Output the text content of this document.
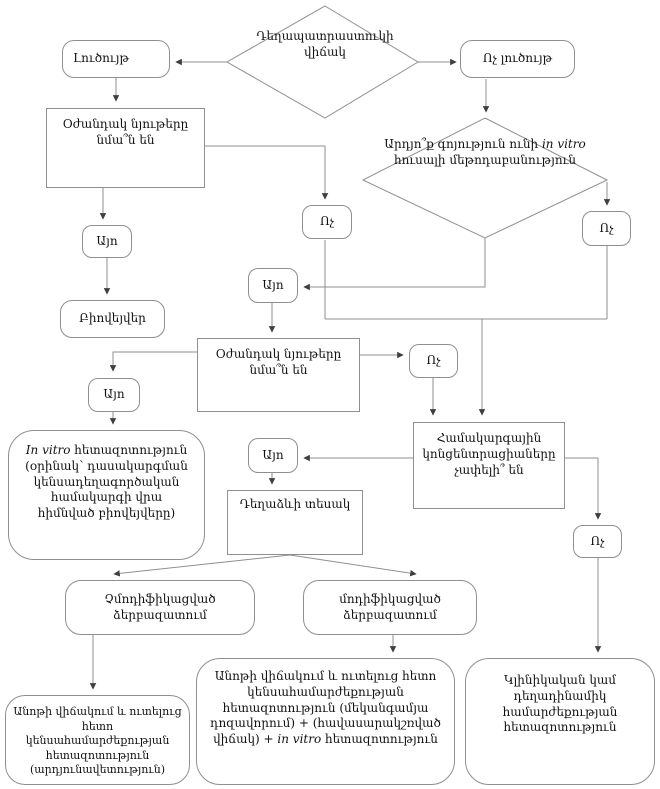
Դեղապատրաստուկի վիճակ
Արդյո՞ք գոյություն ունի in vitro հուսալի մեթոդաբանություն
Լուծույթ	Ոչ լուծույթ
Օժանդակ նյութերը նմա՞ն են
Այո
Բիովեյվեր
Ոչ	Ոչ
Այո
Օժանդակ նյութերը նմա՞ն են
Ոչ
Այո
In vitro հետազոտություն (օրինակ՝ դասակարգման կենսադեղագործական համակարգի վրա հիմնված բիովեյվերը)
Համակարգային կոնցենտրացիաները չափելի՞ են
Այո
Դեղաձևի տեսակ
Ոչ
Չմոդիֆիկացված ձերբազատում
մոդիֆիկացված ձերբազատում
Անոթի վիճակում և ուտելուց հետո կենսահամարժեքության հետազոտություն (արդյունավետություն)
Անոթի վիճակում և ուտելուց հետո կենսահամարժեքության հետազոտություն (մեկանգամյա դոզավորում) + (հավասարակշռված վիճակ) + in vitro հետազոտություն
Կլինիկական կամ դեղադինամիկ համարժեքության հետազոտություն
